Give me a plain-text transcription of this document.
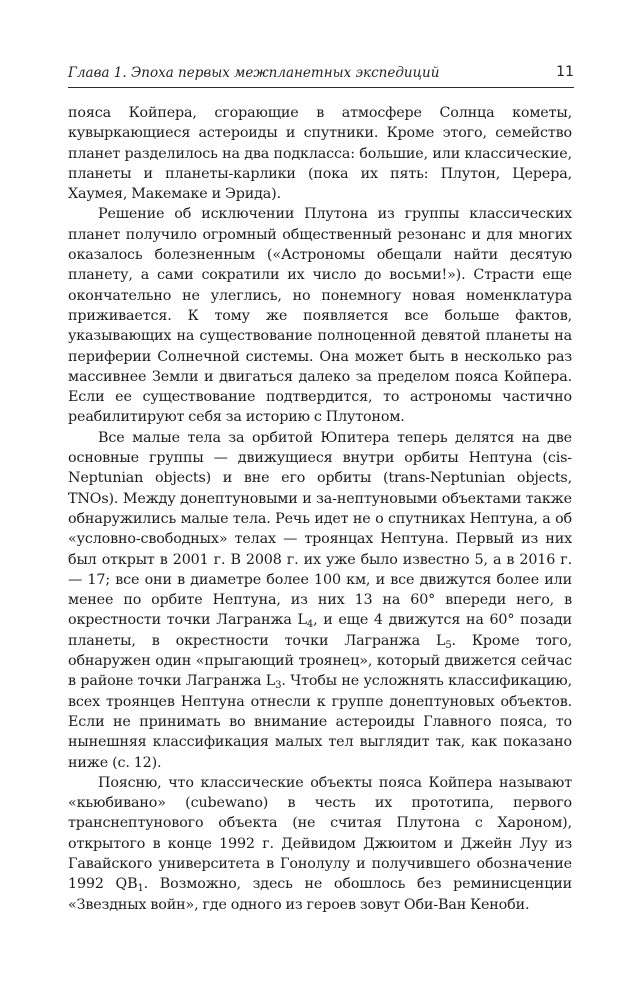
Глава 1. Эпоха первых межпланетных экспедиций	11

пояса Койпера, сгорающие в атмосфере Солнца кометы, кувыркающиеся астероиды и спутники. Кроме этого, семейство планет разделилось на два подкласса: большие, или классические, планеты и планеты-карлики (пока их пять: Плутон, Церера, Хаумея, Макемаке и Эрида).

Решение об исключении Плутона из группы классических планет получило огромный общественный резонанс и для многих оказалось болезненным («Астрономы обещали найти десятую планету, а сами сократили их число до восьми!»). Страсти еще окончательно не улеглись, но понемногу новая номенклатура приживается. К тому же появляется все больше фактов, указывающих на существование полноценной девятой планеты на периферии Солнечной системы. Она может быть в несколько раз массивнее Земли и двигаться далеко за пределом пояса Койпера. Если ее существование подтвердится, то астрономы частично реабилитируют себя за историю с Плутоном.

Все малые тела за орбитой Юпитера теперь делятся на две основные группы — движущиеся внутри орбиты Нептуна (cis-Neptunian objects) и вне его орбиты (trans-Neptunian objects, TNOs). Между донептуновыми и за-нептуновыми объектами также обнаружились малые тела. Речь идет не о спутниках Нептуна, а об «условно-свободных» телах — троянцах Нептуна. Первый из них был открыт в 2001 г. В 2008 г. их уже было известно 5, а в 2016 г. — 17; все они в диаметре более 100 км, и все движутся более или менее по орбите Нептуна, из них 13 на 60° впереди него, в окрестности точки Лагранжа $L_4$, и еще 4 движутся на 60° позади планеты, в окрестности точки Лагранжа $L_5$. Кроме того, обнаружен один «прыгающий троянец», который движется сейчас в районе точки Лагранжа $L_3$. Чтобы не усложнять классификацию, всех троянцев Нептуна отнесли к группе донептуновых объектов. Если не принимать во внимание астероиды Главного пояса, то нынешняя классификация малых тел выглядит так, как показано ниже (с. 12).

Поясню, что классические объекты пояса Койпера называют «кьюбивано» (cubewano) в честь их прототипа, первого транснептунового объекта (не считая Плутона с Хароном), открытого в конце 1992 г. Дейвидом Джюитом и Джейн Луу из Гавайского университета в Гонолулу и получившего обозначение 1992 $QB_1$. Возможно, здесь не обошлось без реминисценции «Звездных войн», где одного из героев зовут Оби-Ван Кеноби.
